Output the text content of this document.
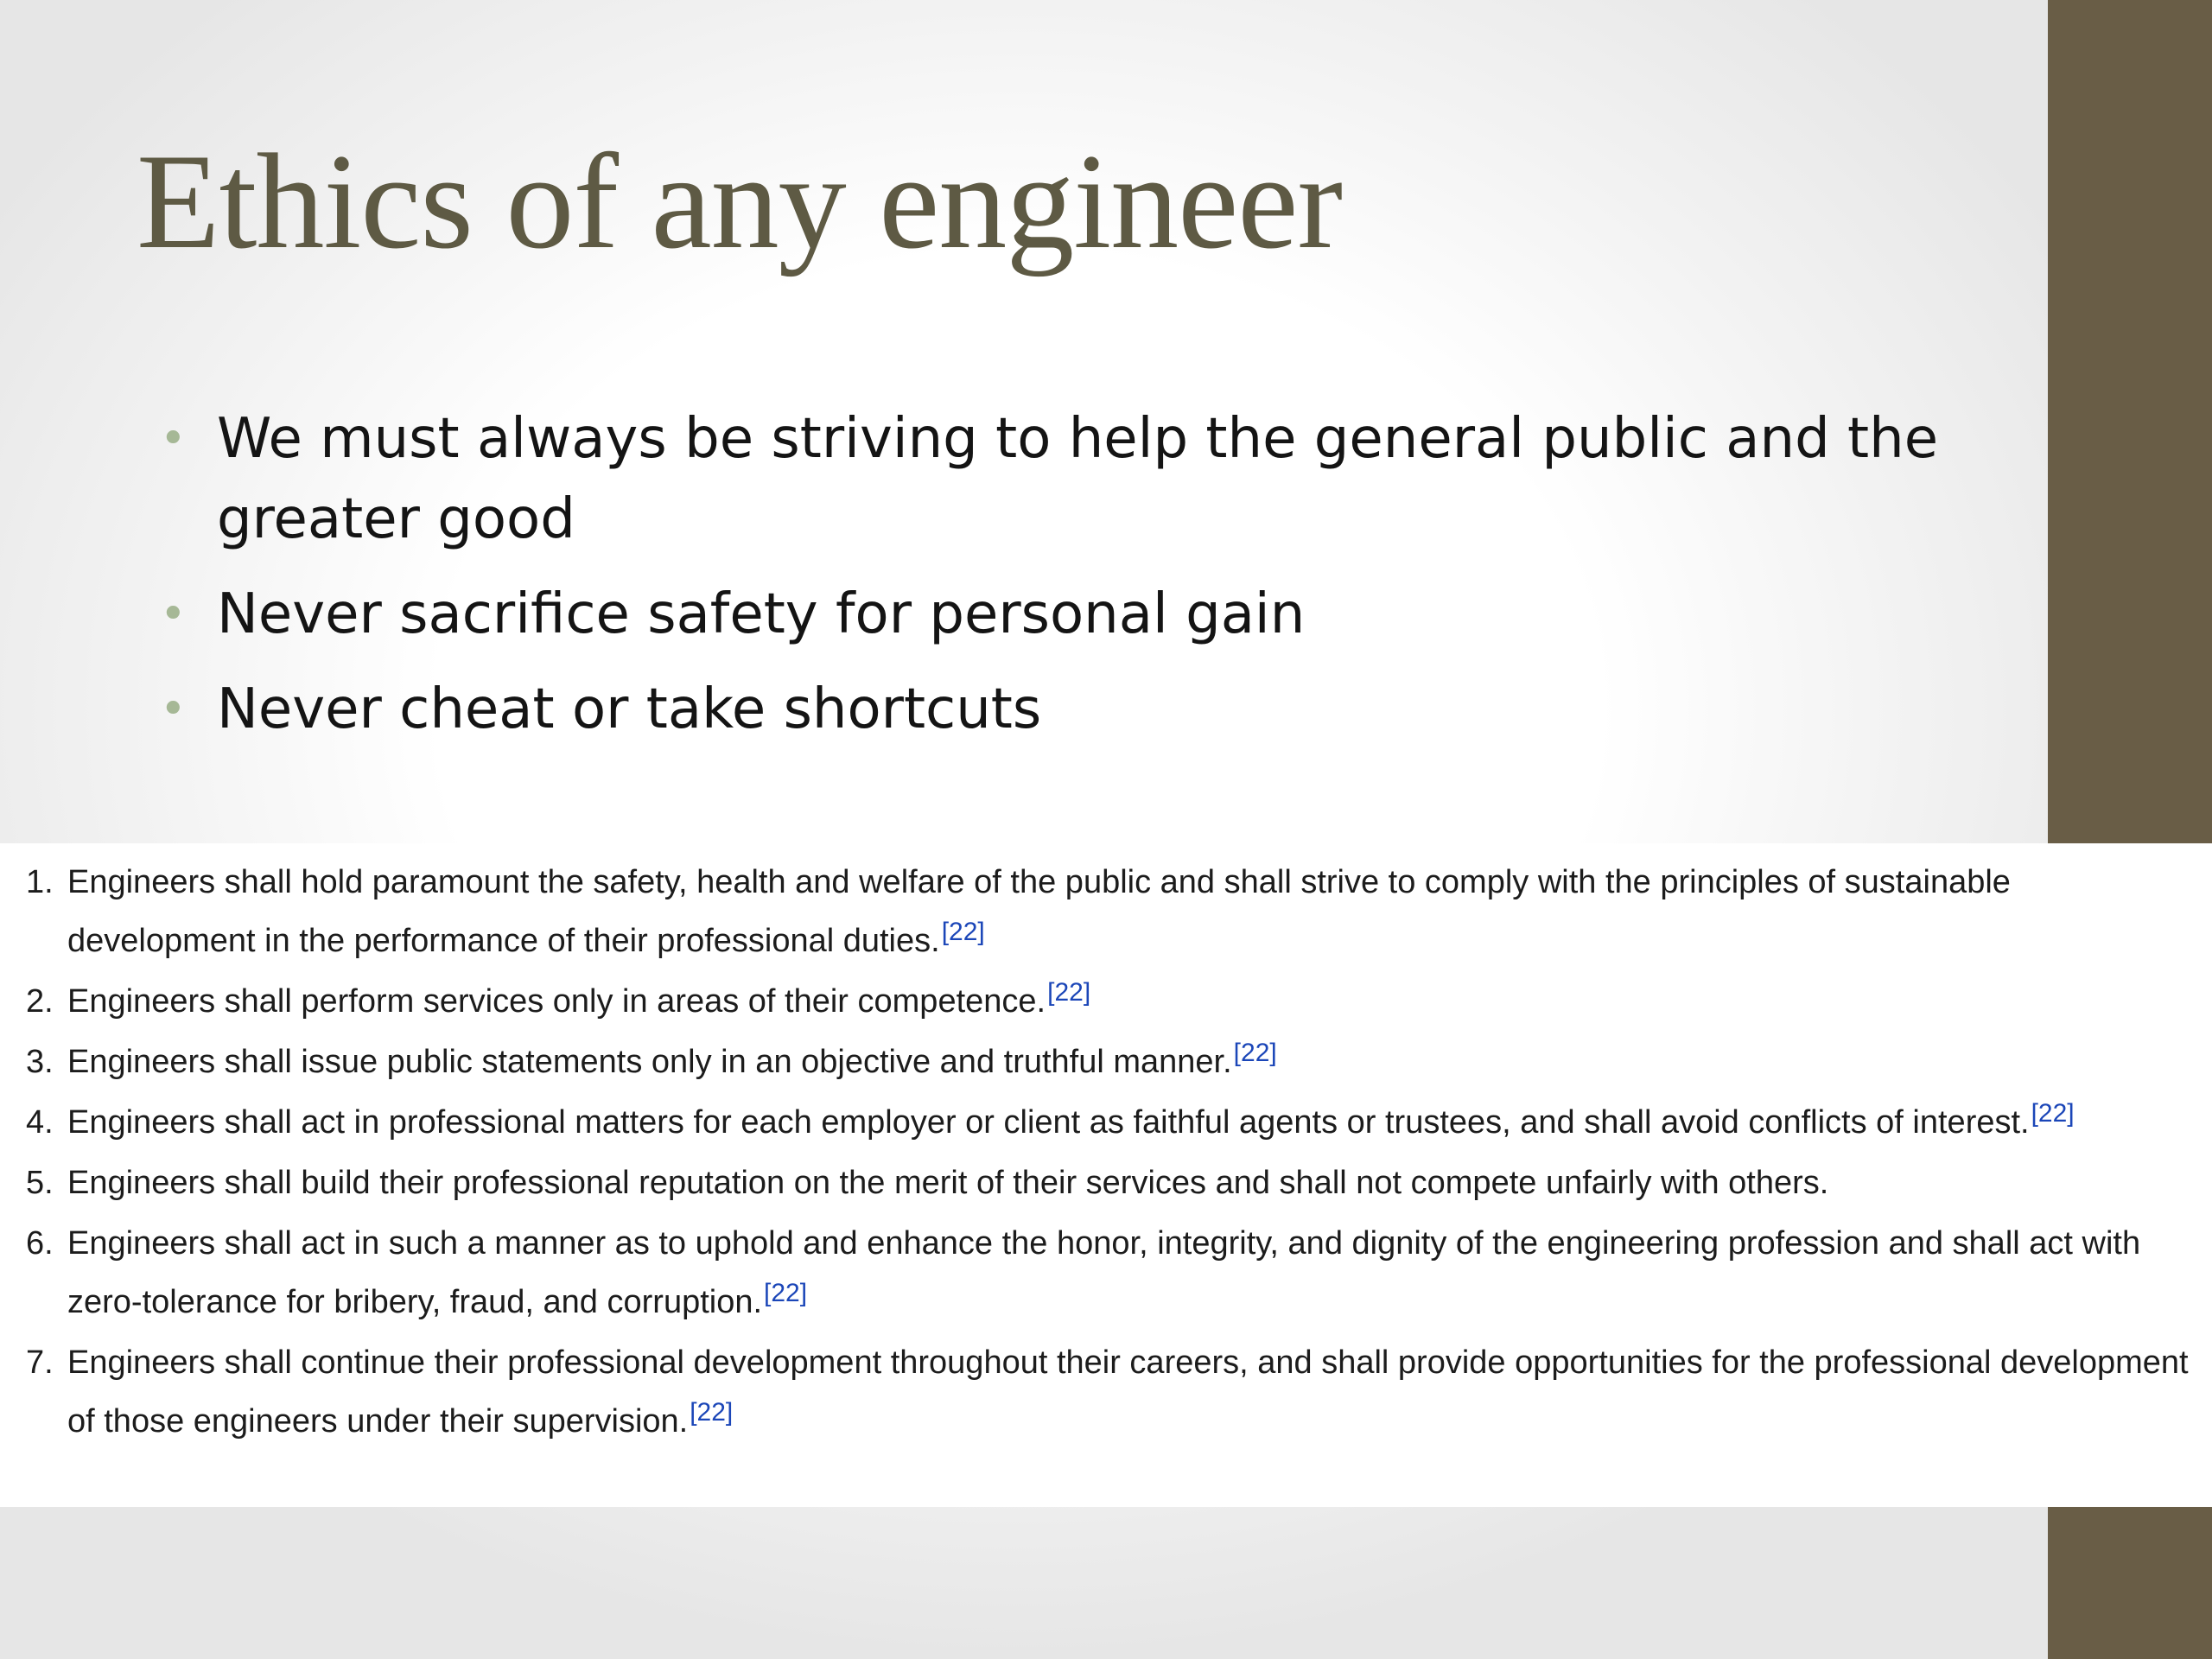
Ethics of any engineer
• We must always be striving to help the general public and the greater good
• Never sacrifice safety for personal gain
• Never cheat or take shortcuts
1. Engineers shall hold paramount the safety, health and welfare of the public and shall strive to comply with the principles of sustainable development in the performance of their professional duties.[22]
2. Engineers shall perform services only in areas of their competence.[22]
3. Engineers shall issue public statements only in an objective and truthful manner.[22]
4. Engineers shall act in professional matters for each employer or client as faithful agents or trustees, and shall avoid conflicts of interest.[22]
5. Engineers shall build their professional reputation on the merit of their services and shall not compete unfairly with others.
6. Engineers shall act in such a manner as to uphold and enhance the honor, integrity, and dignity of the engineering profession and shall act with zero-tolerance for bribery, fraud, and corruption.[22]
7. Engineers shall continue their professional development throughout their careers, and shall provide opportunities for the professional development of those engineers under their supervision.[22]
